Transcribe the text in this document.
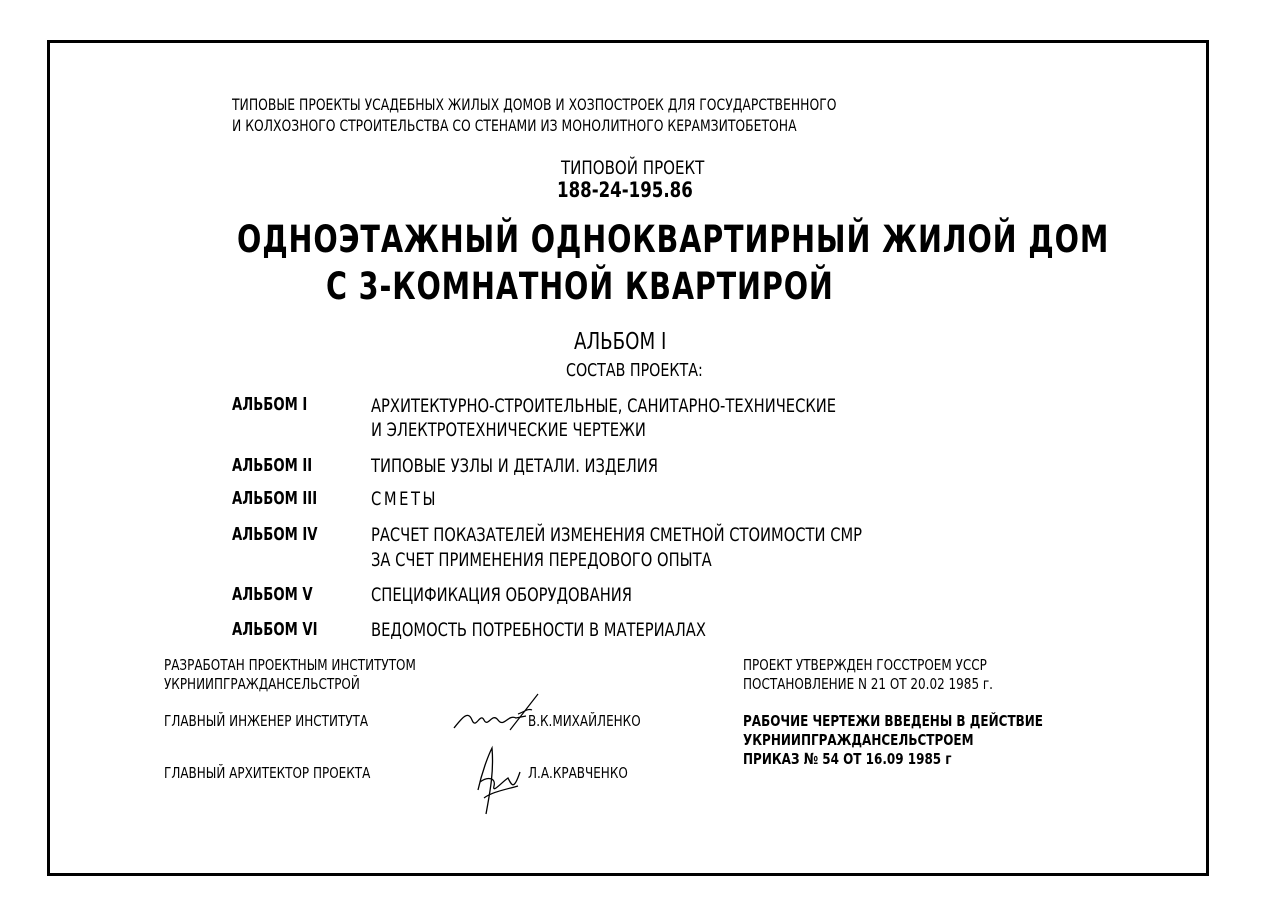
ТИПОВЫЕ ПРОЕКТЫ УСАДЕБНЫХ ЖИЛЫХ ДОМОВ И ХОЗПОСТРОЕК ДЛЯ ГОСУДАРСТВЕННОГО
И КОЛХОЗНОГО СТРОИТЕЛЬСТВА СО СТЕНАМИ ИЗ МОНОЛИТНОГО КЕРАМЗИТОБЕТОНА
ТИПОВОЙ ПРОЕКТ
188-24-195.86
ОДНОЭТАЖНЫЙ ОДНОКВАРТИРНЫЙ ЖИЛОЙ ДОМ
С 3-КОМНАТНОЙ КВАРТИРОЙ
АЛЬБОМ I
СОСТАВ ПРОЕКТА:
АЛЬБОМ I	АРХИТЕКТУРНО-СТРОИТЕЛЬНЫЕ, САНИТАРНО-ТЕХНИЧЕСКИЕ
И ЭЛЕКТРОТЕХНИЧЕСКИЕ ЧЕРТЕЖИ
АЛЬБОМ II	ТИПОВЫЕ УЗЛЫ И ДЕТАЛИ. ИЗДЕЛИЯ
АЛЬБОМ III	СМЕТЫ
АЛЬБОМ IV	РАСЧЕТ ПОКАЗАТЕЛЕЙ ИЗМЕНЕНИЯ СМЕТНОЙ СТОИМОСТИ СМР
ЗА СЧЕТ ПРИМЕНЕНИЯ ПЕРЕДОВОГО ОПЫТА
АЛЬБОМ V	СПЕЦИФИКАЦИЯ ОБОРУДОВАНИЯ
АЛЬБОМ VI	ВЕДОМОСТЬ ПОТРЕБНОСТИ В МАТЕРИАЛАХ
РАЗРАБОТАН ПРОЕКТНЫМ ИНСТИТУТОМ
УКРНИИПГРАЖДАНСЕЛЬСТРОЙ
ГЛАВНЫЙ ИНЖЕНЕР ИНСТИТУТА	В.К.МИХАЙЛЕНКО
ГЛАВНЫЙ АРХИТЕКТОР ПРОЕКТА	Л.А.КРАВЧЕНКО
ПРОЕКТ УТВЕРЖДЕН ГОССТРОЕМ УССР
ПОСТАНОВЛЕНИЕ N 21 ОТ 20.02 1985 г.
РАБОЧИЕ ЧЕРТЕЖИ ВВЕДЕНЫ В ДЕЙСТВИЕ
УКРНИИПГРАЖДАНСЕЛЬСТРОЕМ
ПРИКАЗ № 54 ОТ 16.09 1985 г
